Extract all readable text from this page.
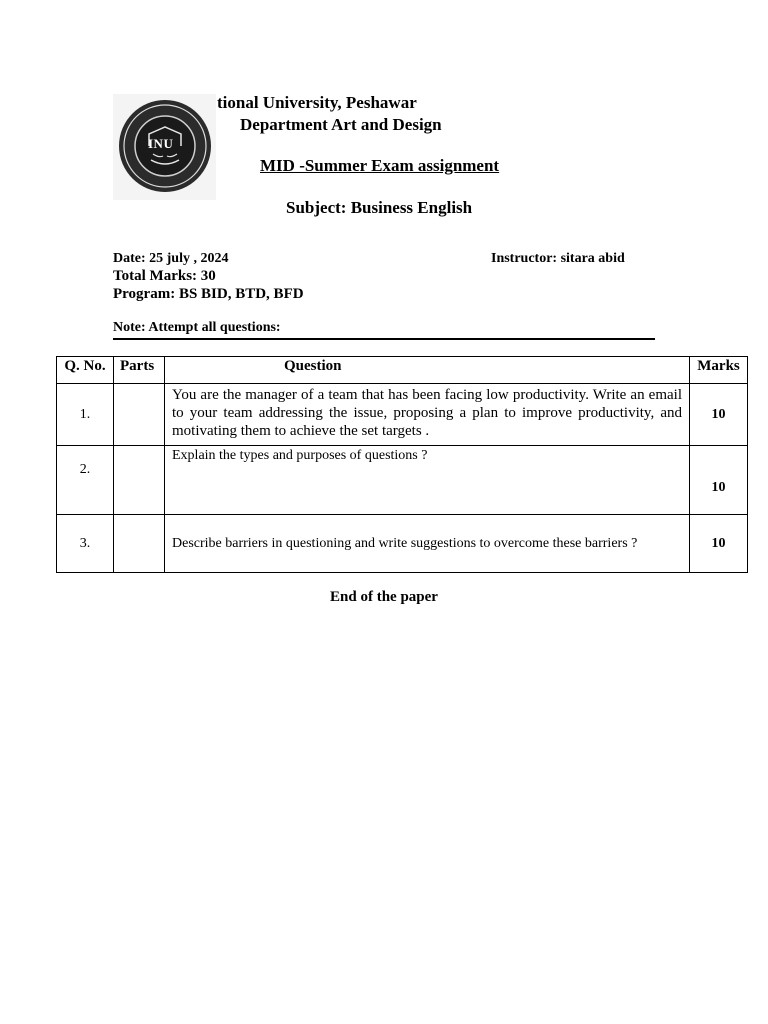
INU
tional University, Peshawar
Department Art and Design
MID -Summer Exam assignment
Subject: Business English
Date: 25 july , 2024	Instructor: sitara abid
Total Marks: 30
Program: BS BID, BTD, BFD
Note: Attempt all questions:
Q. No.	Parts	Question	Marks
1.		You are the manager of a team that has been facing low productivity. Write an email to your team addressing the issue, proposing a plan to improve productivity, and motivating them to achieve the set targets .	10
2.		Explain the types and purposes of questions ?	10
3.		Describe barriers in questioning and write suggestions to overcome these barriers ?	10
End of the paper
